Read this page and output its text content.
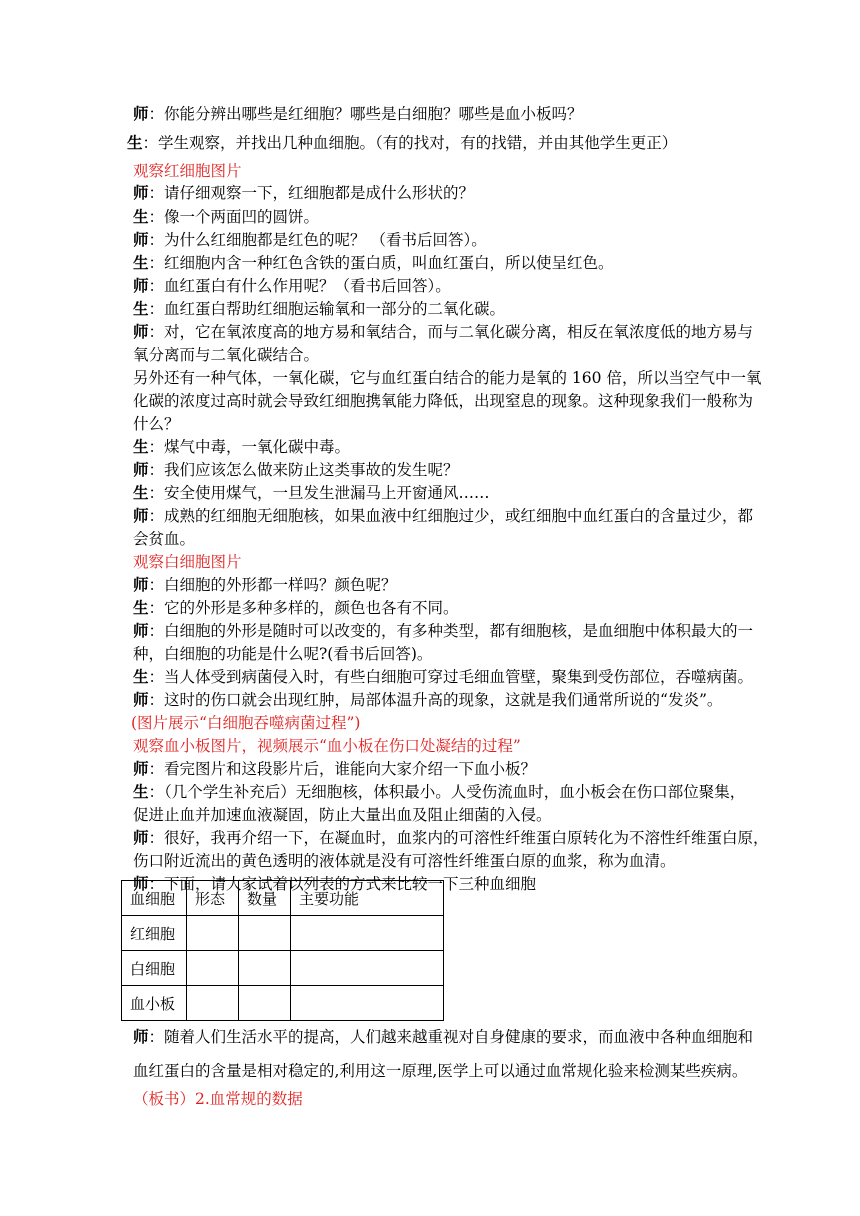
师：你能分辨出哪些是红细胞？哪些是白细胞？哪些是血小板吗？
生：学生观察，并找出几种血细胞。（有的找对，有的找错，并由其他学生更正）
观察红细胞图片
师：请仔细观察一下，红细胞都是成什么形状的？
生：像一个两面凹的圆饼。
师：为什么红细胞都是红色的呢？ （看书后回答）。
生：红细胞内含一种红色含铁的蛋白质，叫血红蛋白，所以使呈红色。
师：血红蛋白有什么作用呢？（看书后回答）。
生：血红蛋白帮助红细胞运输氧和一部分的二氧化碳。
师：对，它在氧浓度高的地方易和氧结合，而与二氧化碳分离，相反在氧浓度低的地方易与
氧分离而与二氧化碳结合。
另外还有一种气体，一氧化碳，它与血红蛋白结合的能力是氧的 160 倍，所以当空气中一氧
化碳的浓度过高时就会导致红细胞携氧能力降低，出现窒息的现象。这种现象我们一般称为
什么？
生：煤气中毒，一氧化碳中毒。
师：我们应该怎么做来防止这类事故的发生呢？
生：安全使用煤气，一旦发生泄漏马上开窗通风……
师：成熟的红细胞无细胞核，如果血液中红细胞过少，或红细胞中血红蛋白的含量过少，都
会贫血。
观察白细胞图片
师：白细胞的外形都一样吗？颜色呢？
生：它的外形是多种多样的，颜色也各有不同。
师：白细胞的外形是随时可以改变的，有多种类型，都有细胞核，是血细胞中体积最大的一
种，白细胞的功能是什么呢?(看书后回答)。
生：当人体受到病菌侵入时，有些白细胞可穿过毛细血管壁，聚集到受伤部位，吞噬病菌。
师：这时的伤口就会出现红肿，局部体温升高的现象，这就是我们通常所说的“发炎”。
(图片展示“白细胞吞噬病菌过程”)
观察血小板图片，视频展示“血小板在伤口处凝结的过程”
师：看完图片和这段影片后，谁能向大家介绍一下血小板？
生：（几个学生补充后）无细胞核，体积最小。人受伤流血时，血小板会在伤口部位聚集，
促进止血并加速血液凝固，防止大量出血及阻止细菌的入侵。
师：很好，我再介绍一下，在凝血时，血浆内的可溶性纤维蛋白原转化为不溶性纤维蛋白原，
伤口附近流出的黄色透明的液体就是没有可溶性纤维蛋白原的血浆，称为血清。
师：下面，请大家试着以列表的方式来比较一下三种血细胞
血细胞	形态	数量	主要功能
红细胞			
白细胞			
血小板			
师：随着人们生活水平的提高，人们越来越重视对自身健康的要求，而血液中各种血细胞和
血红蛋白的含量是相对稳定的,利用这一原理,医学上可以通过血常规化验来检测某些疾病。
（板书）2.血常规的数据
